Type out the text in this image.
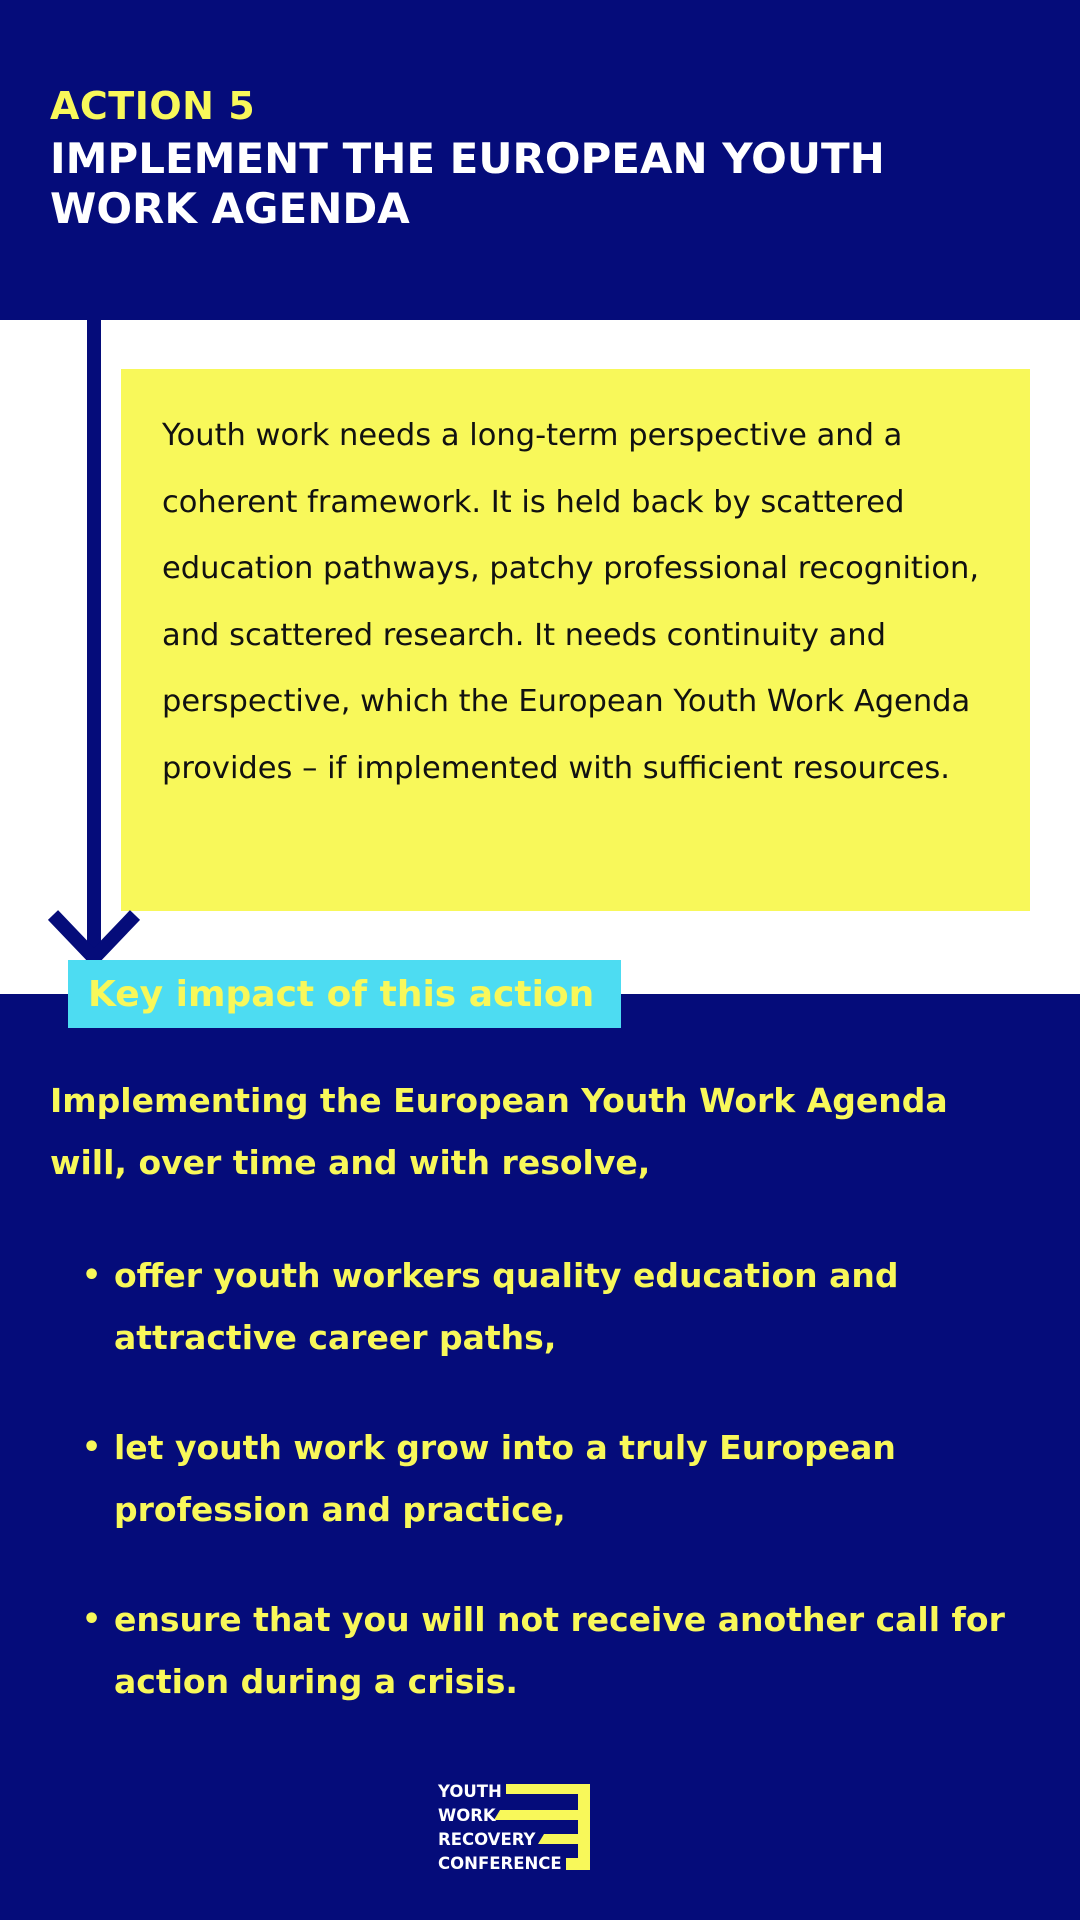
ACTION 5
IMPLEMENT THE EUROPEAN YOUTH WORK AGENDA

Youth work needs a long-term perspective and a coherent framework. It is held back by scattered education pathways, patchy professional recognition, and scattered research. It needs continuity and perspective, which the European Youth Work Agenda provides – if implemented with sufficient resources.

Key impact of this action

Implementing the European Youth Work Agenda will, over time and with resolve,

• offer youth workers quality education and attractive career paths,
• let youth work grow into a truly European profession and practice,
• ensure that you will not receive another call for action during a crisis.
YOUTH
WORK
RECOVERY
CONFERENCE
